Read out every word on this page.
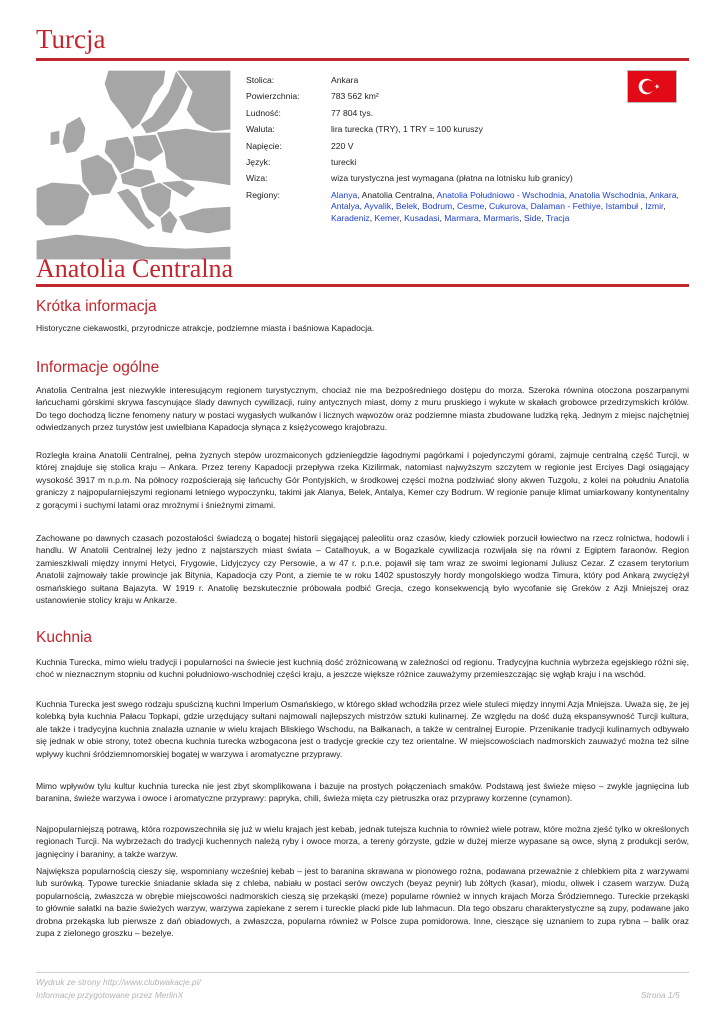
Turcja
Stolica:	Ankara
Powierzchnia:	783 562 km²
Ludność:	77 804 tys.
Waluta:	lira turecka (TRY), 1 TRY = 100 kuruszy
Napięcie:	220 V
Język:	turecki
Wiza:	wiza turystyczna jest wymagana (płatna na lotnisku lub granicy)
Regiony:	Alanya, Anatolia Centralna, Anatolia Południowo - Wschodnia, Anatolia Wschodnia, Ankara, Antalya, Ayvalik, Belek, Bodrum, Cesme, Cukurova, Dalaman - Fethiye, Istambuł , Izmir, Karadeniz, Kemer, Kusadasi, Marmara, Marmaris, Side, Tracja
Anatolia Centralna
Krótka informacja
Historyczne ciekawostki, przyrodnicze atrakcje, podziemne miasta i baśniowa Kapadocja.
Informacje ogólne
Anatolia Centralna jest niezwykle interesującym regionem turystycznym, chociaż nie ma bezpośredniego dostępu do morza. Szeroka równina otoczona poszarpanymi łańcuchami górskimi skrywa fascynujące ślady dawnych cywilizacji, ruiny antycznych miast, domy z muru pruskiego i wykute w skałach grobowce przedrzymskich królów. Do tego dochodzą liczne fenomeny natury w postaci wygasłych wulkanów i licznych wąwozów oraz podziemne miasta zbudowane ludzką ręką. Jednym z miejsc najchętniej odwiedzanych przez turystów jest uwielbiana Kapadocja słynąca z księżycowego krajobrazu.
Rozległa kraina Anatolii Centralnej, pełna żyznych stepów urozmaiconych gdzieniegdzie łagodnymi pagórkami i pojedynczymi górami, zajmuje centralną część Turcji, w której znajduje się stolica kraju – Ankara. Przez tereny Kapadocji przepływa rzeka Kizilirmak, natomiast najwyższym szczytem w regionie jest Erciyes Dagi osiągający wysokość 3917 m n.p.m. Na północy rozpościerają się łańcuchy Gór Pontyjskich, w środkowej części można podziwiać słony akwen Tuzgolu, z kolei na południu Anatolia graniczy z najpopularniejszymi regionami letniego wypoczynku, takimi jak Alanya, Belek, Antalya, Kemer czy Bodrum. W regionie panuje klimat umiarkowany kontynentalny z gorącymi i suchymi latami oraz mroźnymi i śnieżnymi zimami.
Zachowane po dawnych czasach pozostałości świadczą o bogatej historii sięgającej paleolitu oraz czasów, kiedy człowiek porzucił łowiectwo na rzecz rolnictwa, hodowli i handlu. W Anatolii Centralnej leży jedno z najstarszych miast świata – Catalhoyuk, a w Bogazkale cywilizacja rozwijała się na równi z Egiptem faraonów. Region zamieszkiwali między innymi Hetyci, Frygowie, Lidyjczycy czy Persowie, a w 47 r. p.n.e. pojawił się tam wraz ze swoimi legionami Juliusz Cezar. Z czasem terytorium Anatolii zajmowały takie prowincje jak Bitynia, Kapadocja czy Pont, a ziemie te w roku 1402 spustoszyły hordy mongolskiego wodza Timura, który pod Ankarą zwyciężył osmańskiego sułtana Bajazyta. W 1919 r. Anatolię bezskutecznie próbowała podbić Grecja, czego konsekwencją było wycofanie się Greków z Azji Mniejszej oraz ustanowienie stolicy kraju w Ankarze.
Kuchnia
Kuchnia Turecka, mimo wielu tradycji i popularności na świecie jest kuchnią dość zróżnicowaną w zależności od regionu. Tradycyjna kuchnia wybrzeża egejskiego różni się, choć w nieznacznym stopniu od kuchni południowo-wschodniej części kraju, a jeszcze większe różnice zauważymy przemieszczając się wgłąb kraju i na wschód.
Kuchnia Turecka jest swego rodzaju spuścizną kuchni Imperium Osmańskiego, w którego skład wchodziła przez wiele stuleci między innymi Azja Mniejsza. Uważa się, że jej kolebką była kuchnia Pałacu Topkapi, gdzie urzędujący sułtani najmowali najlepszych mistrzów sztuki kulinarnej. Ze względu na dość dużą ekspansywność Turcji kultura, ale także i tradycyjna kuchnia znalazła uznanie w wielu krajach Bliskiego Wschodu, na Bałkanach, a także w centralnej Europie. Przenikanie tradycji kulinarnych odbywało się jednak w obie strony, toteż obecna kuchnia turecka wzbogacona jest o tradycje greckie czy tez orientalne. W miejscowościach nadmorskich zauważyć można też silne wpływy kuchni śródziemnomorskiej bogatej w warzywa i aromatyczne przyprawy.
Mimo wpływów tylu kultur kuchnia turecka nie jest zbyt skomplikowana i bazuje na prostych połączeniach smaków. Podstawą jest świeże mięso – zwykle jagnięcina lub baranina, świeże warzywa i owoce i aromatyczne przyprawy: papryka, chili, świeża mięta czy pietruszka oraz przyprawy korzenne (cynamon).
Najpopularniejszą potrawą, która rozpowszechniła się już w wielu krajach jest kebab, jednak tutejsza kuchnia to również wiele potraw, które można zjeść tylko w określonych regionach Turcji. Na wybrzeżach do tradycji kuchennych należą ryby i owoce morza, a tereny górzyste, gdzie w dużej mierze wypasane są owce, słyną z produkcji serów, jagnięciny i baraniny, a także warzyw.
Największa popularnością cieszy się, wspomniany wcześniej kebab – jest to baranina skrawana w pionowego rożna, podawana przeważnie z chlebkiem pita z warzywami lub surówką. Typowe tureckie śniadanie składa się z chleba, nabiału w postaci serów owczych (beyaz peynir) lub żółtych (kasar), miodu, oliwek i czasem warzyw. Dużą popularnością, zwłaszcza w obrębie miejscowości nadmorskich cieszą się przekąski (meze) popularne również w innych krajach Morza Śródziemnego. Tureckie przekąski to głównie sałatki na bazie świeżych warzyw, warzywa zapiekane z serem i tureckie placki pide lub lahmacun. Dla tego obszaru charakterystyczne są zupy, podawane jako drobna przekąska lub pierwsze z dań obiadowych, a zwłaszcza, popularna również w Polsce zupa pomidorowa. Inne, cieszące się uznaniem to zupa rybna – balik oraz zupa z zielonego groszku – bezelye.
Wydruk ze strony http://www.clubwakacje.pl/
Informacje przygotowane przez MerlinX	Strona 1/5
